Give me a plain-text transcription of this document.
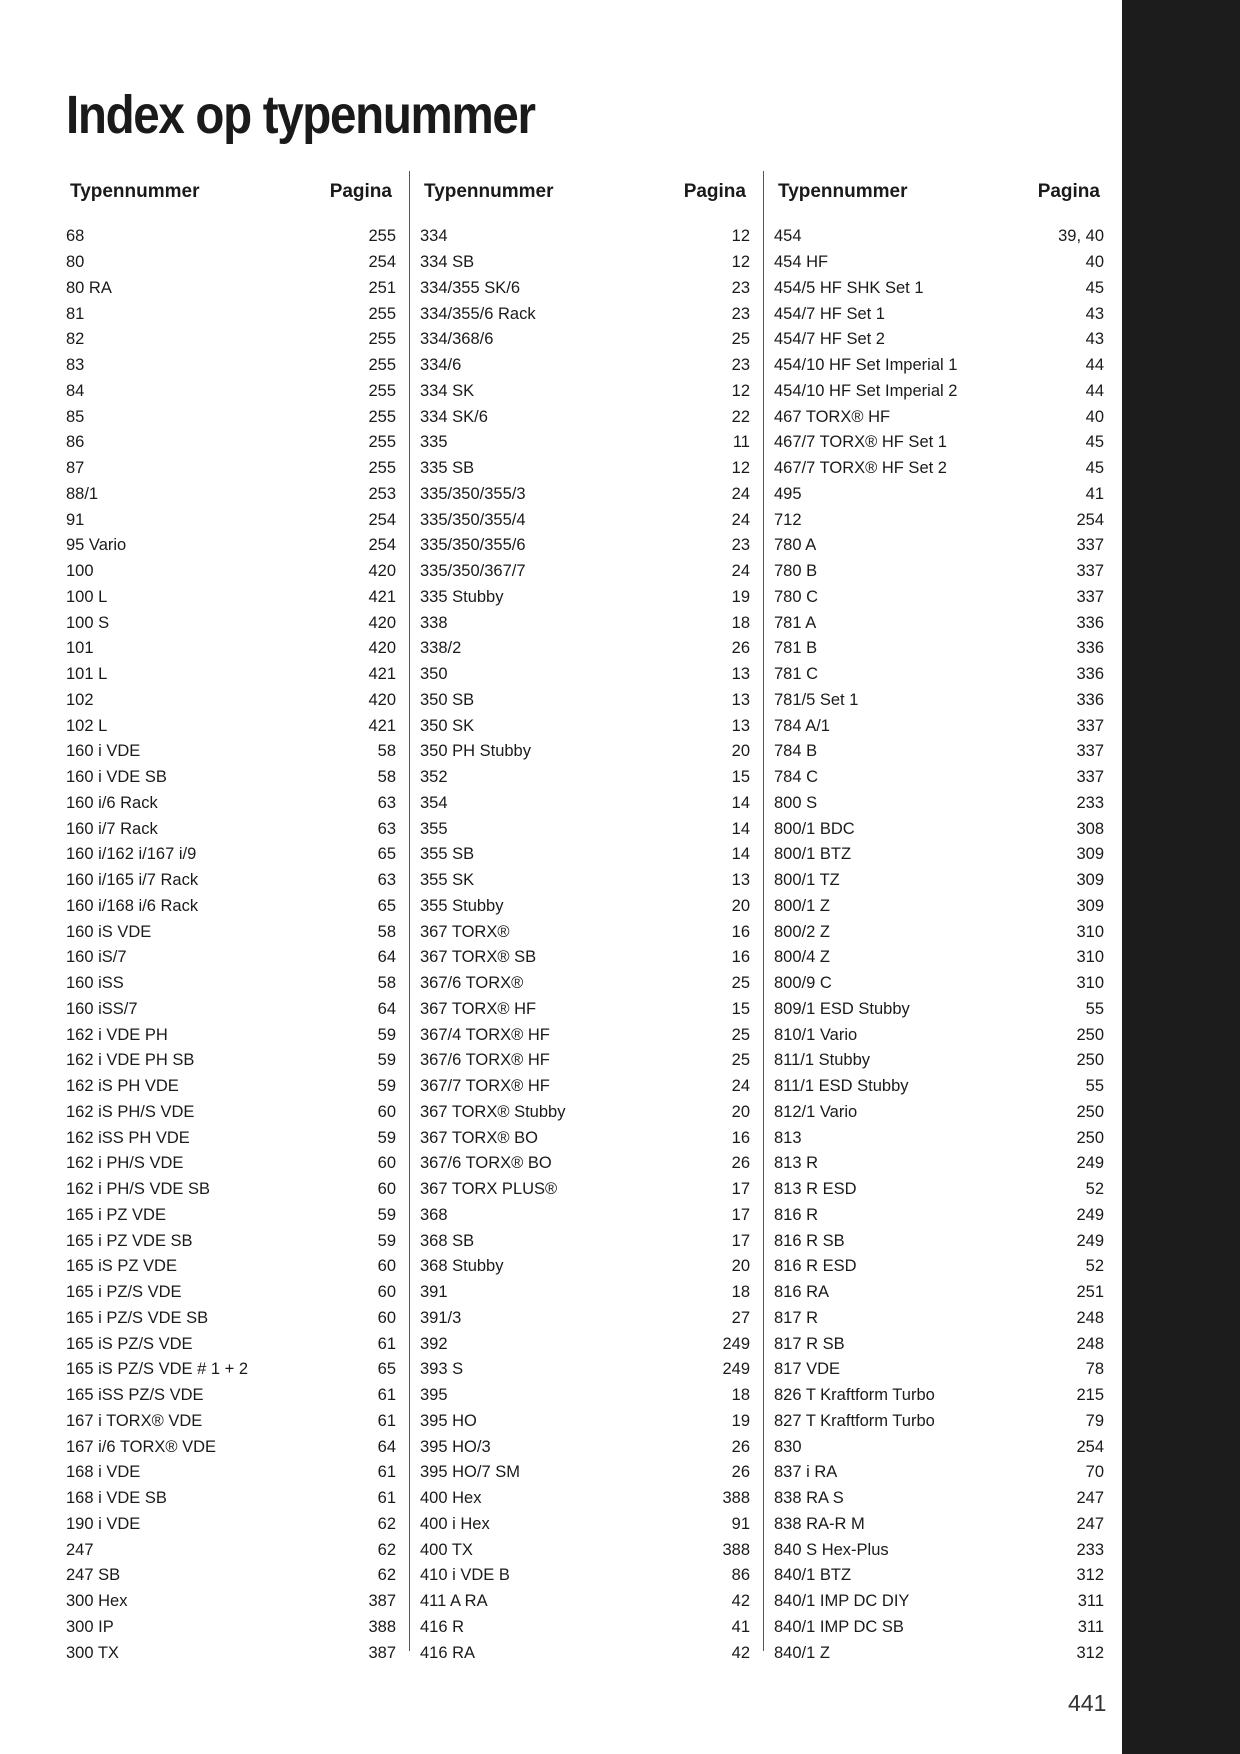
Index op typenummer
Typennummer	Pagina
68	255
80	254
80 RA	251
81	255
82	255
83	255
84	255
85	255
86	255
87	255
88/1	253
91	254
95 Vario	254
100	420
100 L	421
100 S	420
101	420
101 L	421
102	420
102 L	421
160 i VDE	58
160 i VDE SB	58
160 i/6 Rack	63
160 i/7 Rack	63
160 i/162 i/167 i/9	65
160 i/165 i/7 Rack	63
160 i/168 i/6 Rack	65
160 iS VDE	58
160 iS/7	64
160 iSS	58
160 iSS/7	64
162 i VDE PH	59
162 i VDE PH SB	59
162 iS PH VDE	59
162 iS PH/S VDE	60
162 iSS PH VDE	59
162 i PH/S VDE	60
162 i PH/S VDE SB	60
165 i PZ VDE	59
165 i PZ VDE SB	59
165 iS PZ VDE	60
165 i PZ/S VDE	60
165 i PZ/S VDE SB	60
165 iS PZ/S VDE	61
165 iS PZ/S VDE # 1 + 2	65
165 iSS PZ/S VDE	61
167 i TORX® VDE	61
167 i/6 TORX® VDE	64
168 i VDE	61
168 i VDE SB	61
190 i VDE	62
247	62
247 SB	62
300 Hex	387
300 IP	388
300 TX	387
Typennummer	Pagina
334	12
334 SB	12
334/355 SK/6	23
334/355/6 Rack	23
334/368/6	25
334/6	23
334 SK	12
334 SK/6	22
335	11
335 SB	12
335/350/355/3	24
335/350/355/4	24
335/350/355/6	23
335/350/367/7	24
335 Stubby	19
338	18
338/2	26
350	13
350 SB	13
350 SK	13
350 PH Stubby	20
352	15
354	14
355	14
355 SB	14
355 SK	13
355 Stubby	20
367 TORX®	16
367 TORX® SB	16
367/6 TORX®	25
367 TORX® HF	15
367/4 TORX® HF	25
367/6 TORX® HF	25
367/7 TORX® HF	24
367 TORX® Stubby	20
367 TORX® BO	16
367/6 TORX® BO	26
367 TORX PLUS®	17
368	17
368 SB	17
368 Stubby	20
391	18
391/3	27
392	249
393 S	249
395	18
395 HO	19
395 HO/3	26
395 HO/7 SM	26
400 Hex	388
400 i Hex	91
400 TX	388
410 i VDE B	86
411 A RA	42
416 R	41
416 RA	42
Typennummer	Pagina
454	39, 40
454 HF	40
454/5 HF SHK Set 1	45
454/7 HF Set 1	43
454/7 HF Set 2	43
454/10 HF Set Imperial 1	44
454/10 HF Set Imperial 2	44
467 TORX® HF	40
467/7 TORX® HF Set 1	45
467/7 TORX® HF Set 2	45
495	41
712	254
780 A	337
780 B	337
780 C	337
781 A	336
781 B	336
781 C	336
781/5 Set 1	336
784 A/1	337
784 B	337
784 C	337
800 S	233
800/1 BDC	308
800/1 BTZ	309
800/1 TZ	309
800/1 Z	309
800/2 Z	310
800/4 Z	310
800/9 C	310
809/1 ESD Stubby	55
810/1 Vario	250
811/1 Stubby	250
811/1 ESD Stubby	55
812/1 Vario	250
813	250
813 R	249
813 R ESD	52
816 R	249
816 R SB	249
816 R ESD	52
816 RA	251
817 R	248
817 R SB	248
817 VDE	78
826 T Kraftform Turbo	215
827 T Kraftform Turbo	79
830	254
837 i RA	70
838 RA S	247
838 RA-R M	247
840 S Hex-Plus	233
840/1 BTZ	312
840/1 IMP DC DIY	311
840/1 IMP DC SB	311
840/1 Z	312
441
